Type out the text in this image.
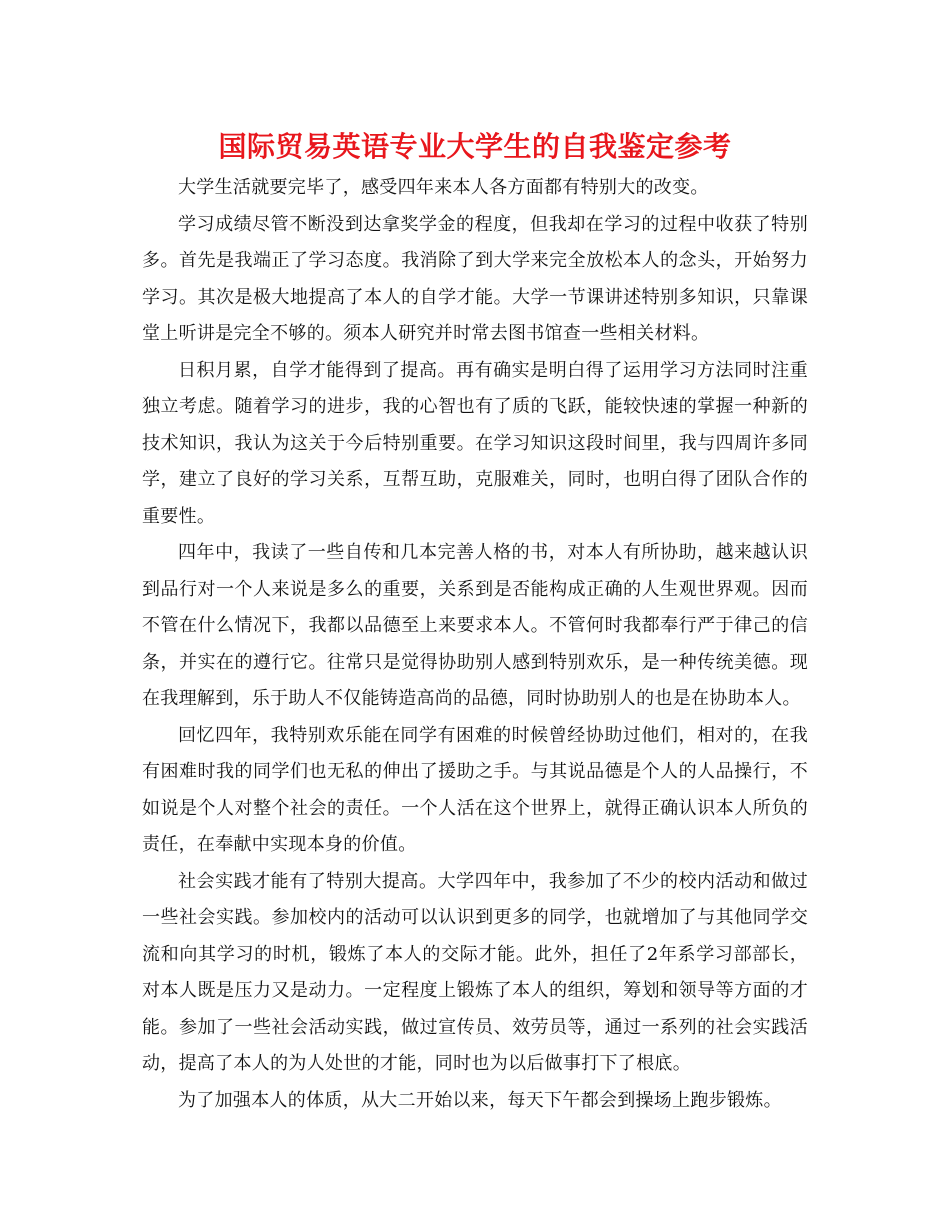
国际贸易英语专业大学生的自我鉴定参考

大学生活就要完毕了，感受四年来本人各方面都有特别大的改变。

学习成绩尽管不断没到达拿奖学金的程度，但我却在学习的过程中收获了特别多。首先是我端正了学习态度。我消除了到大学来完全放松本人的念头，开始努力学习。其次是极大地提高了本人的自学才能。大学一节课讲述特别多知识，只靠课堂上听讲是完全不够的。须本人研究并时常去图书馆查一些相关材料。

日积月累，自学才能得到了提高。再有确实是明白得了运用学习方法同时注重独立考虑。随着学习的进步，我的心智也有了质的飞跃，能较快速的掌握一种新的技术知识，我认为这关于今后特别重要。在学习知识这段时间里，我与四周许多同学，建立了良好的学习关系，互帮互助，克服难关，同时，也明白得了团队合作的重要性。

四年中，我读了一些自传和几本完善人格的书，对本人有所协助，越来越认识到品行对一个人来说是多么的重要，关系到是否能构成正确的人生观世界观。因而不管在什么情况下，我都以品德至上来要求本人。不管何时我都奉行严于律己的信条，并实在的遵行它。往常只是觉得协助别人感到特别欢乐，是一种传统美德。现在我理解到，乐于助人不仅能铸造高尚的品德，同时协助别人的也是在协助本人。

回忆四年，我特别欢乐能在同学有困难的时候曾经协助过他们，相对的，在我有困难时我的同学们也无私的伸出了援助之手。与其说品德是个人的人品操行，不如说是个人对整个社会的责任。一个人活在这个世界上，就得正确认识本人所负的责任，在奉献中实现本身的价值。

社会实践才能有了特别大提高。大学四年中，我参加了不少的校内活动和做过一些社会实践。参加校内的活动可以认识到更多的同学，也就增加了与其他同学交流和向其学习的时机，锻炼了本人的交际才能。此外，担任了2年系学习部部长，对本人既是压力又是动力。一定程度上锻炼了本人的组织，筹划和领导等方面的才能。参加了一些社会活动实践，做过宣传员、效劳员等，通过一系列的社会实践活动，提高了本人的为人处世的才能，同时也为以后做事打下了根底。

为了加强本人的体质，从大二开始以来，每天下午都会到操场上跑步锻炼。
